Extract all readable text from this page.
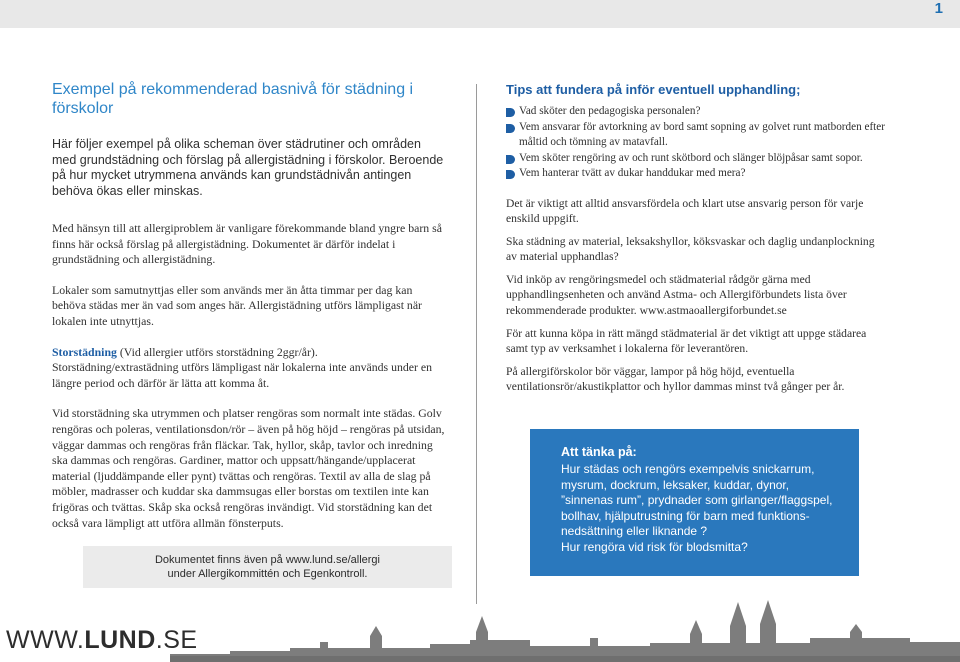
1
Exempel på rekommenderad basnivå för städning i förskolor

Här följer exempel på olika scheman över städrutiner och områden med grundstädning och förslag på allergistädning i förskolor. Beroende på hur mycket utrymmena används kan grundstädnivån antingen behöva ökas eller minskas.

Med hänsyn till att allergiproblem är vanligare förekommande bland yngre barn så finns här också förslag på allergistädning. Dokumentet är därför indelat i grundstädning och allergistädning.

Lokaler som samutnyttjas eller som används mer än åtta timmar per dag kan behöva städas mer än vad som anges här. Allergistädning utförs lämpligast när lokalen inte utnyttjas.

Storstädning (Vid allergier utförs storstädning 2ggr/år).

Storstädning/extrastädning utförs lämpligast när lokalerna inte används under en längre period och därför är lätta att komma åt.

Vid storstädning ska utrymmen och platser rengöras som normalt inte städas. Golv rengöras och poleras, ventilationsdon/rör – även på hög höjd – rengöras på utsidan, väggar dammas och rengöras från fläckar. Tak, hyllor, skåp, tavlor och inredning ska dammas och rengöras. Gardiner, mattor och uppsatt/hängande/upplacerat material (ljuddämpande eller pynt) tvättas och rengöras. Textil av alla de slag på möbler, madrasser och kuddar ska dammsugas eller borstas om textilen inte kan frigöras och tvättas. Skåp ska också rengöras invändigt. Vid storstädning kan det också vara lämpligt att utföra allmän fönsterputs.

Dokumentet finns även på www.lund.se/allergi
under Allergikommittén och Egenkontroll.
Tips att fundera på inför eventuell upphandling;
Vad sköter den pedagogiska personalen?
Vem ansvarar för avtorkning av bord samt sopning av golvet runt matborden efter måltid och tömning av matavfall.
Vem sköter rengöring av och runt skötbord och slänger blöjpåsar samt sopor.
Vem hanterar tvätt av dukar handdukar med mera?

Det är viktigt att alltid ansvarsfördela och klart utse ansvarig person för varje enskild uppgift.

Ska städning av material, leksakshyllor, köksvaskar och daglig undanplockning av material upphandlas?

Vid inköp av rengöringsmedel och städmaterial rådgör gärna med upphandlingsenheten och använd Astma- och Allergiförbundets lista över rekommenderade produkter. www.astmaoallergiforbundet.se

För att kunna köpa in rätt mängd städmaterial är det viktigt att uppge städarea samt typ av verksamhet i lokalerna för leverantören.

På allergiförskolor bör väggar, lampor på hög höjd, eventuella ventilationsrör/akustikplattor och hyllor dammas minst två gånger per år.

Att tänka på:

Hur städas och rengörs exempelvis snickarrum,
mysrum, dockrum, leksaker, kuddar, dynor,
”sinnenas rum”, prydnader som girlanger/flaggspel,
bollhav, hjälputrustning för barn med funktions-
nedsättning eller liknande ?
Hur rengöra vid risk för blodsmitta?
WWW.LUND.SE
